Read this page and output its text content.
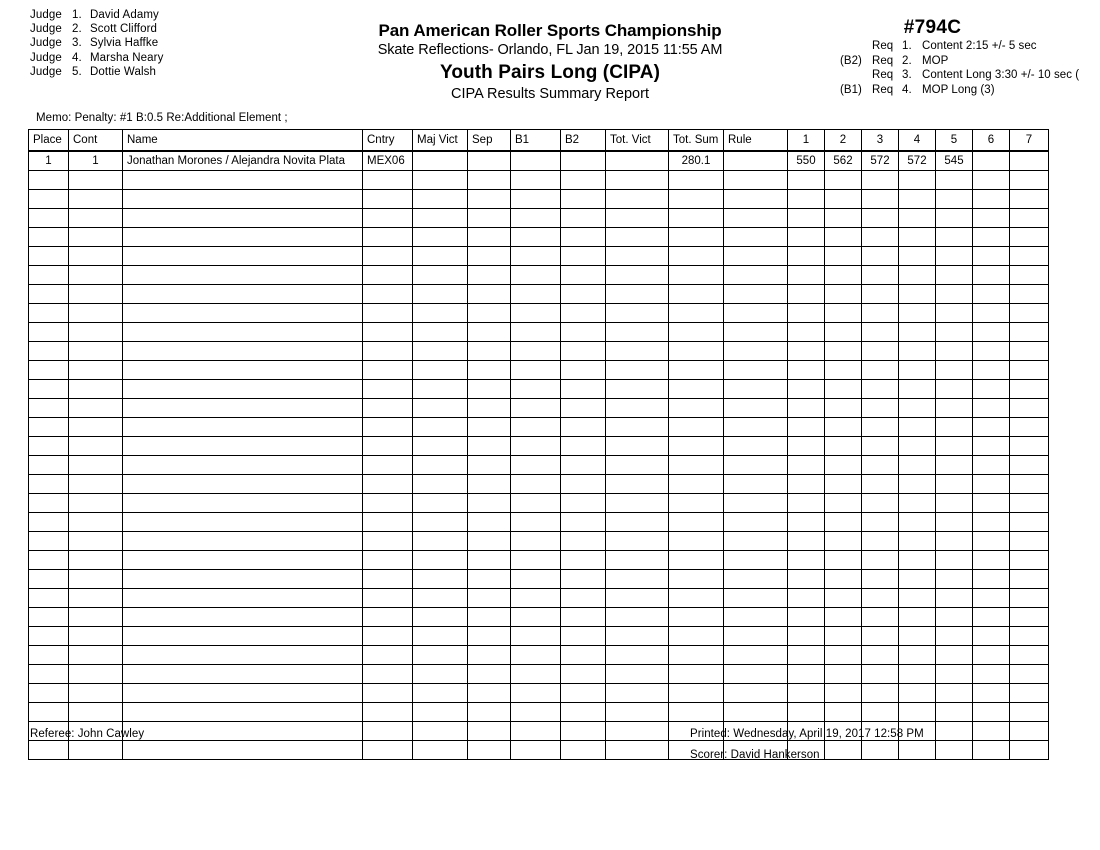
Judge 1. David Adamy
Judge 2. Scott Clifford
Judge 3. Sylvia Haffke
Judge 4. Marsha Neary
Judge 5. Dottie Walsh
Pan American Roller Sports Championship
Skate Reflections- Orlando, FL Jan 19, 2015 11:55 AM
Youth Pairs Long (CIPA)
CIPA Results Summary Report
#794C
Req 1. Content 2:15 +/- 5 sec
(B2) Req 2. MOP
Req 3. Content Long 3:30 +/- 10 sec (
(B1) Req 4. MOP Long (3)
Memo: Penalty: #1 B:0.5 Re:Additional Element ;
Place	Cont	Name	Cntry	Maj Vict	Sep	B1	B2	Tot. Vict	Tot. Sum	Rule	1	2	3	4	5	6	7
1	1	Jonathan Morones / Alejandra Novita Plata	MEX06						280.1		550	562	572	572	545		

Referee: John Cawley	Printed: Wednesday, April 19, 2017 12:58 PM
Scorer: David Hankerson
